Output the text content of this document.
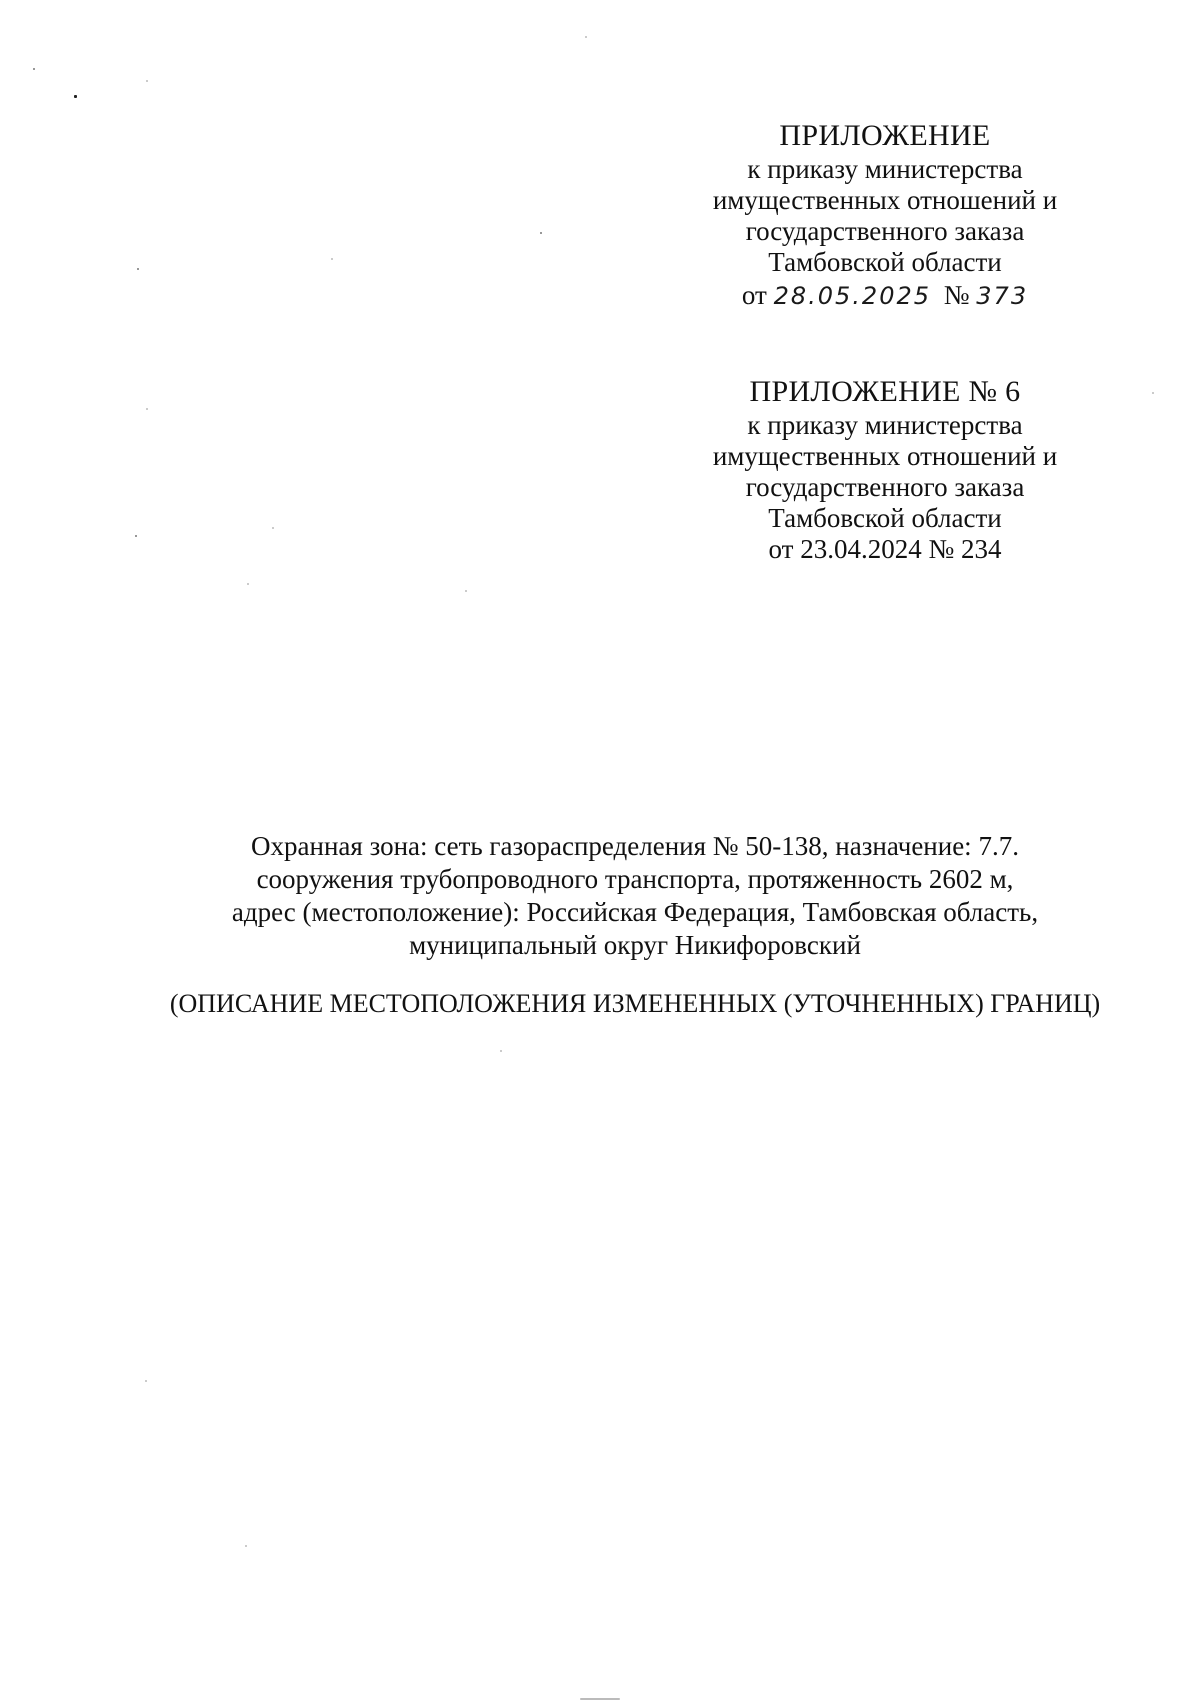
ПРИЛОЖЕНИЕ
к приказу министерства
имущественных отношений и
государственного заказа
Тамбовской области
от 28.05.2025 № 373
ПРИЛОЖЕНИЕ № 6
к приказу министерства
имущественных отношений и
государственного заказа
Тамбовской области
от 23.04.2024 № 234
Охранная зона: сеть газораспределения № 50-138, назначение: 7.7.
сооружения трубопроводного транспорта, протяженность 2602 м,
адрес (местоположение): Российская Федерация, Тамбовская область,
муниципальный округ Никифоровский
(ОПИСАНИЕ МЕСТОПОЛОЖЕНИЯ ИЗМЕНЕННЫХ (УТОЧНЕННЫХ) ГРАНИЦ)
